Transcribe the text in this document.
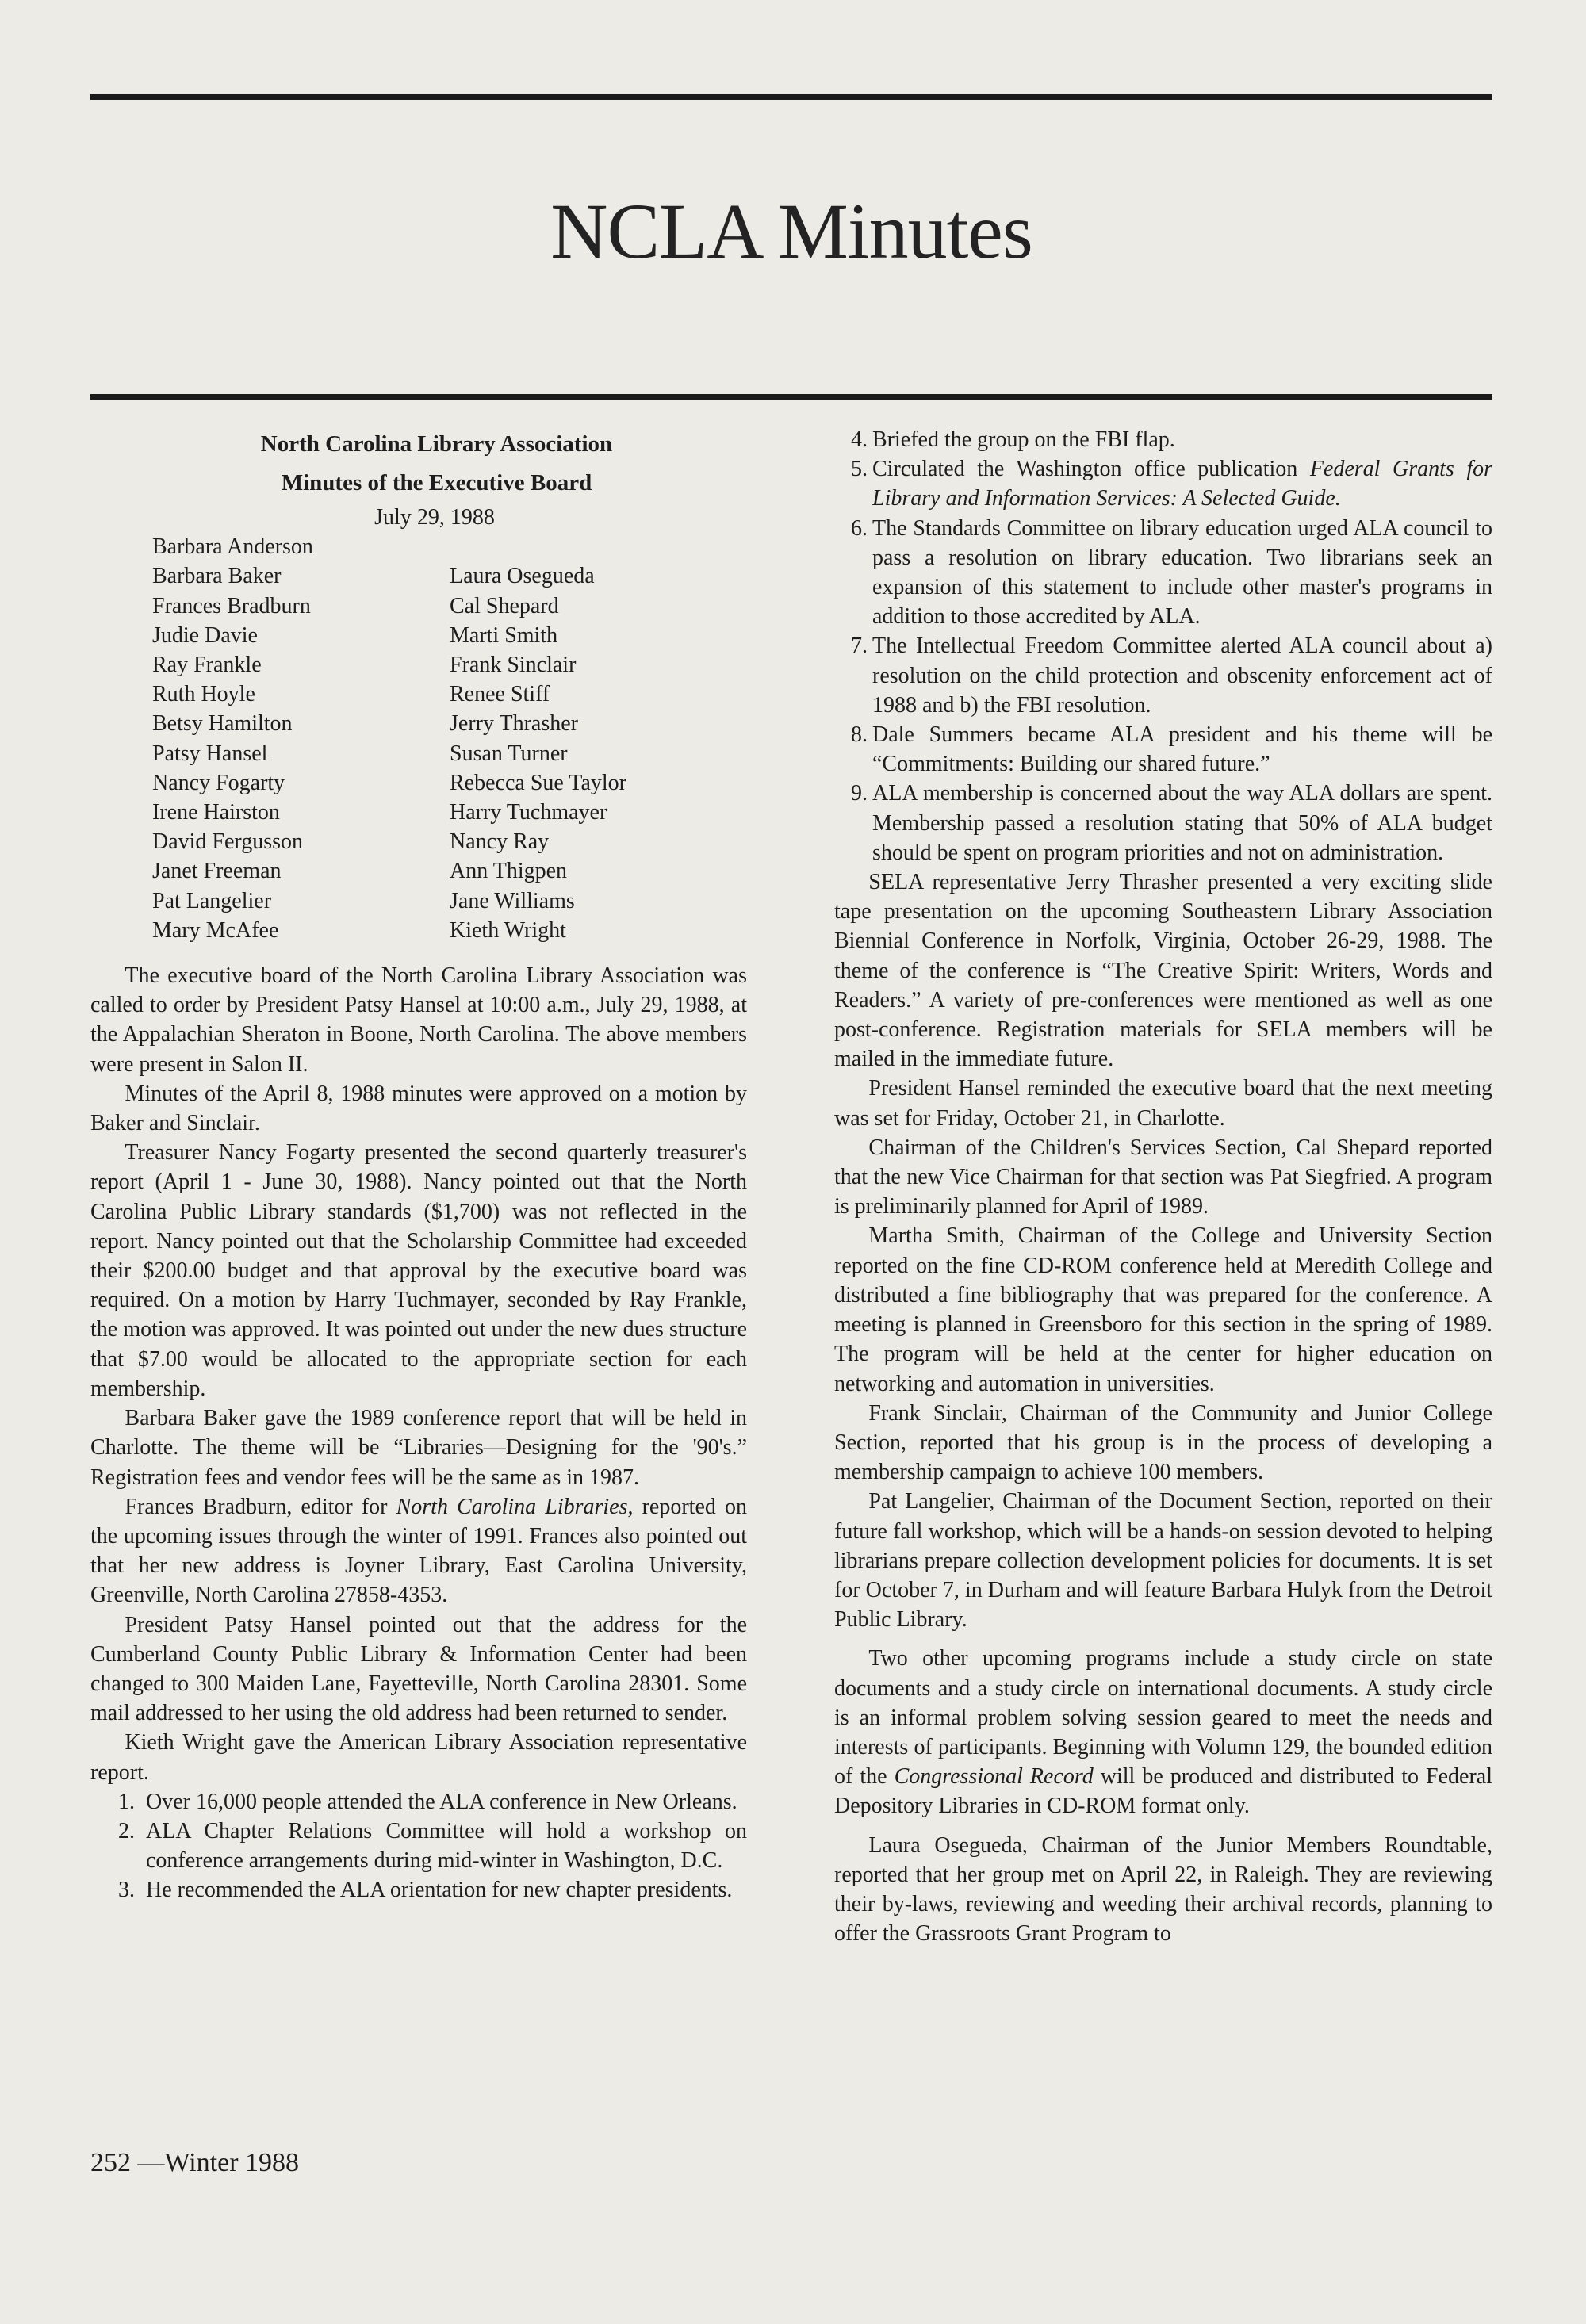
NCLA Minutes

North Carolina Library Association

Minutes of the Executive Board

July 29, 1988

Barbara Anderson
Barbara Baker
Frances Bradburn
Judie Davie
Ray Frankle
Ruth Hoyle
Betsy Hamilton
Patsy Hansel
Nancy Fogarty
Irene Hairston
David Fergusson
Janet Freeman
Pat Langelier
Mary McAfee
Laura Osegueda
Cal Shepard
Marti Smith
Frank Sinclair
Renee Stiff
Jerry Thrasher
Susan Turner
Rebecca Sue Taylor
Harry Tuchmayer
Nancy Ray
Ann Thigpen
Jane Williams
Kieth Wright

The executive board of the North Carolina Library Association was called to order by President Patsy Hansel at 10:00 a.m., July 29, 1988, at the Appalachian Sheraton in Boone, North Carolina. The above members were present in Salon II.

Minutes of the April 8, 1988 minutes were approved on a motion by Baker and Sinclair.

Treasurer Nancy Fogarty presented the second quarterly treasurer's report (April 1 - June 30, 1988). Nancy pointed out that the North Carolina Public Library standards ($1,700) was not reflected in the report. Nancy pointed out that the Scholarship Committee had exceeded their $200.00 budget and that approval by the executive board was required. On a motion by Harry Tuchmayer, seconded by Ray Frankle, the motion was approved. It was pointed out under the new dues structure that $7.00 would be allocated to the appropriate section for each membership.

Barbara Baker gave the 1989 conference report that will be held in Charlotte. The theme will be “Libraries—Designing for the '90's.” Registration fees and vendor fees will be the same as in 1987.

Frances Bradburn, editor for North Carolina Libraries, reported on the upcoming issues through the winter of 1991. Frances also pointed out that her new address is Joyner Library, East Carolina University, Greenville, North Carolina 27858-4353.

President Patsy Hansel pointed out that the address for the Cumberland County Public Library & Information Center had been changed to 300 Maiden Lane, Fayetteville, North Carolina 28301. Some mail addressed to her using the old address had been returned to sender.

Kieth Wright gave the American Library Association representative report.

1. Over 16,000 people attended the ALA conference in New Orleans.
2. ALA Chapter Relations Committee will hold a workshop on conference arrangements during mid-winter in Washington, D.C.
3. He recommended the ALA orientation for new chapter presidents.
4. Briefed the group on the FBI flap.
5. Circulated the Washington office publication Federal Grants for Library and Information Services: A Selected Guide.
6. The Standards Committee on library education urged ALA council to pass a resolution on library education. Two librarians seek an expansion of this statement to include other master's programs in addition to those accredited by ALA.
7. The Intellectual Freedom Committee alerted ALA council about a) resolution on the child protection and obscenity enforcement act of 1988 and b) the FBI resolution.
8. Dale Summers became ALA president and his theme will be “Commitments: Building our shared future.”
9. ALA membership is concerned about the way ALA dollars are spent. Membership passed a resolution stating that 50% of ALA budget should be spent on program priorities and not on administration.

SELA representative Jerry Thrasher presented a very exciting slide tape presentation on the upcoming Southeastern Library Association Biennial Conference in Norfolk, Virginia, October 26-29, 1988. The theme of the conference is “The Creative Spirit: Writers, Words and Readers.” A variety of pre-conferences were mentioned as well as one post-conference. Registration materials for SELA members will be mailed in the immediate future.

President Hansel reminded the executive board that the next meeting was set for Friday, October 21, in Charlotte.

Chairman of the Children's Services Section, Cal Shepard reported that the new Vice Chairman for that section was Pat Siegfried. A program is preliminarily planned for April of 1989.

Martha Smith, Chairman of the College and University Section reported on the fine CD-ROM conference held at Meredith College and distributed a fine bibliography that was prepared for the conference. A meeting is planned in Greensboro for this section in the spring of 1989. The program will be held at the center for higher education on networking and automation in universities.

Frank Sinclair, Chairman of the Community and Junior College Section, reported that his group is in the process of developing a membership campaign to achieve 100 members.

Pat Langelier, Chairman of the Document Section, reported on their future fall workshop, which will be a hands-on session devoted to helping librarians prepare collection development policies for documents. It is set for October 7, in Durham and will feature Barbara Hulyk from the Detroit Public Library.

Two other upcoming programs include a study circle on state documents and a study circle on international documents. A study circle is an informal problem solving session geared to meet the needs and interests of participants. Beginning with Volumn 129, the bounded edition of the Congressional Record will be produced and distributed to Federal Depository Libraries in CD-ROM format only.

Laura Osegueda, Chairman of the Junior Members Roundtable, reported that her group met on April 22, in Raleigh. They are reviewing their by-laws, reviewing and weeding their archival records, planning to offer the Grassroots Grant Program to

252 —Winter 1988
